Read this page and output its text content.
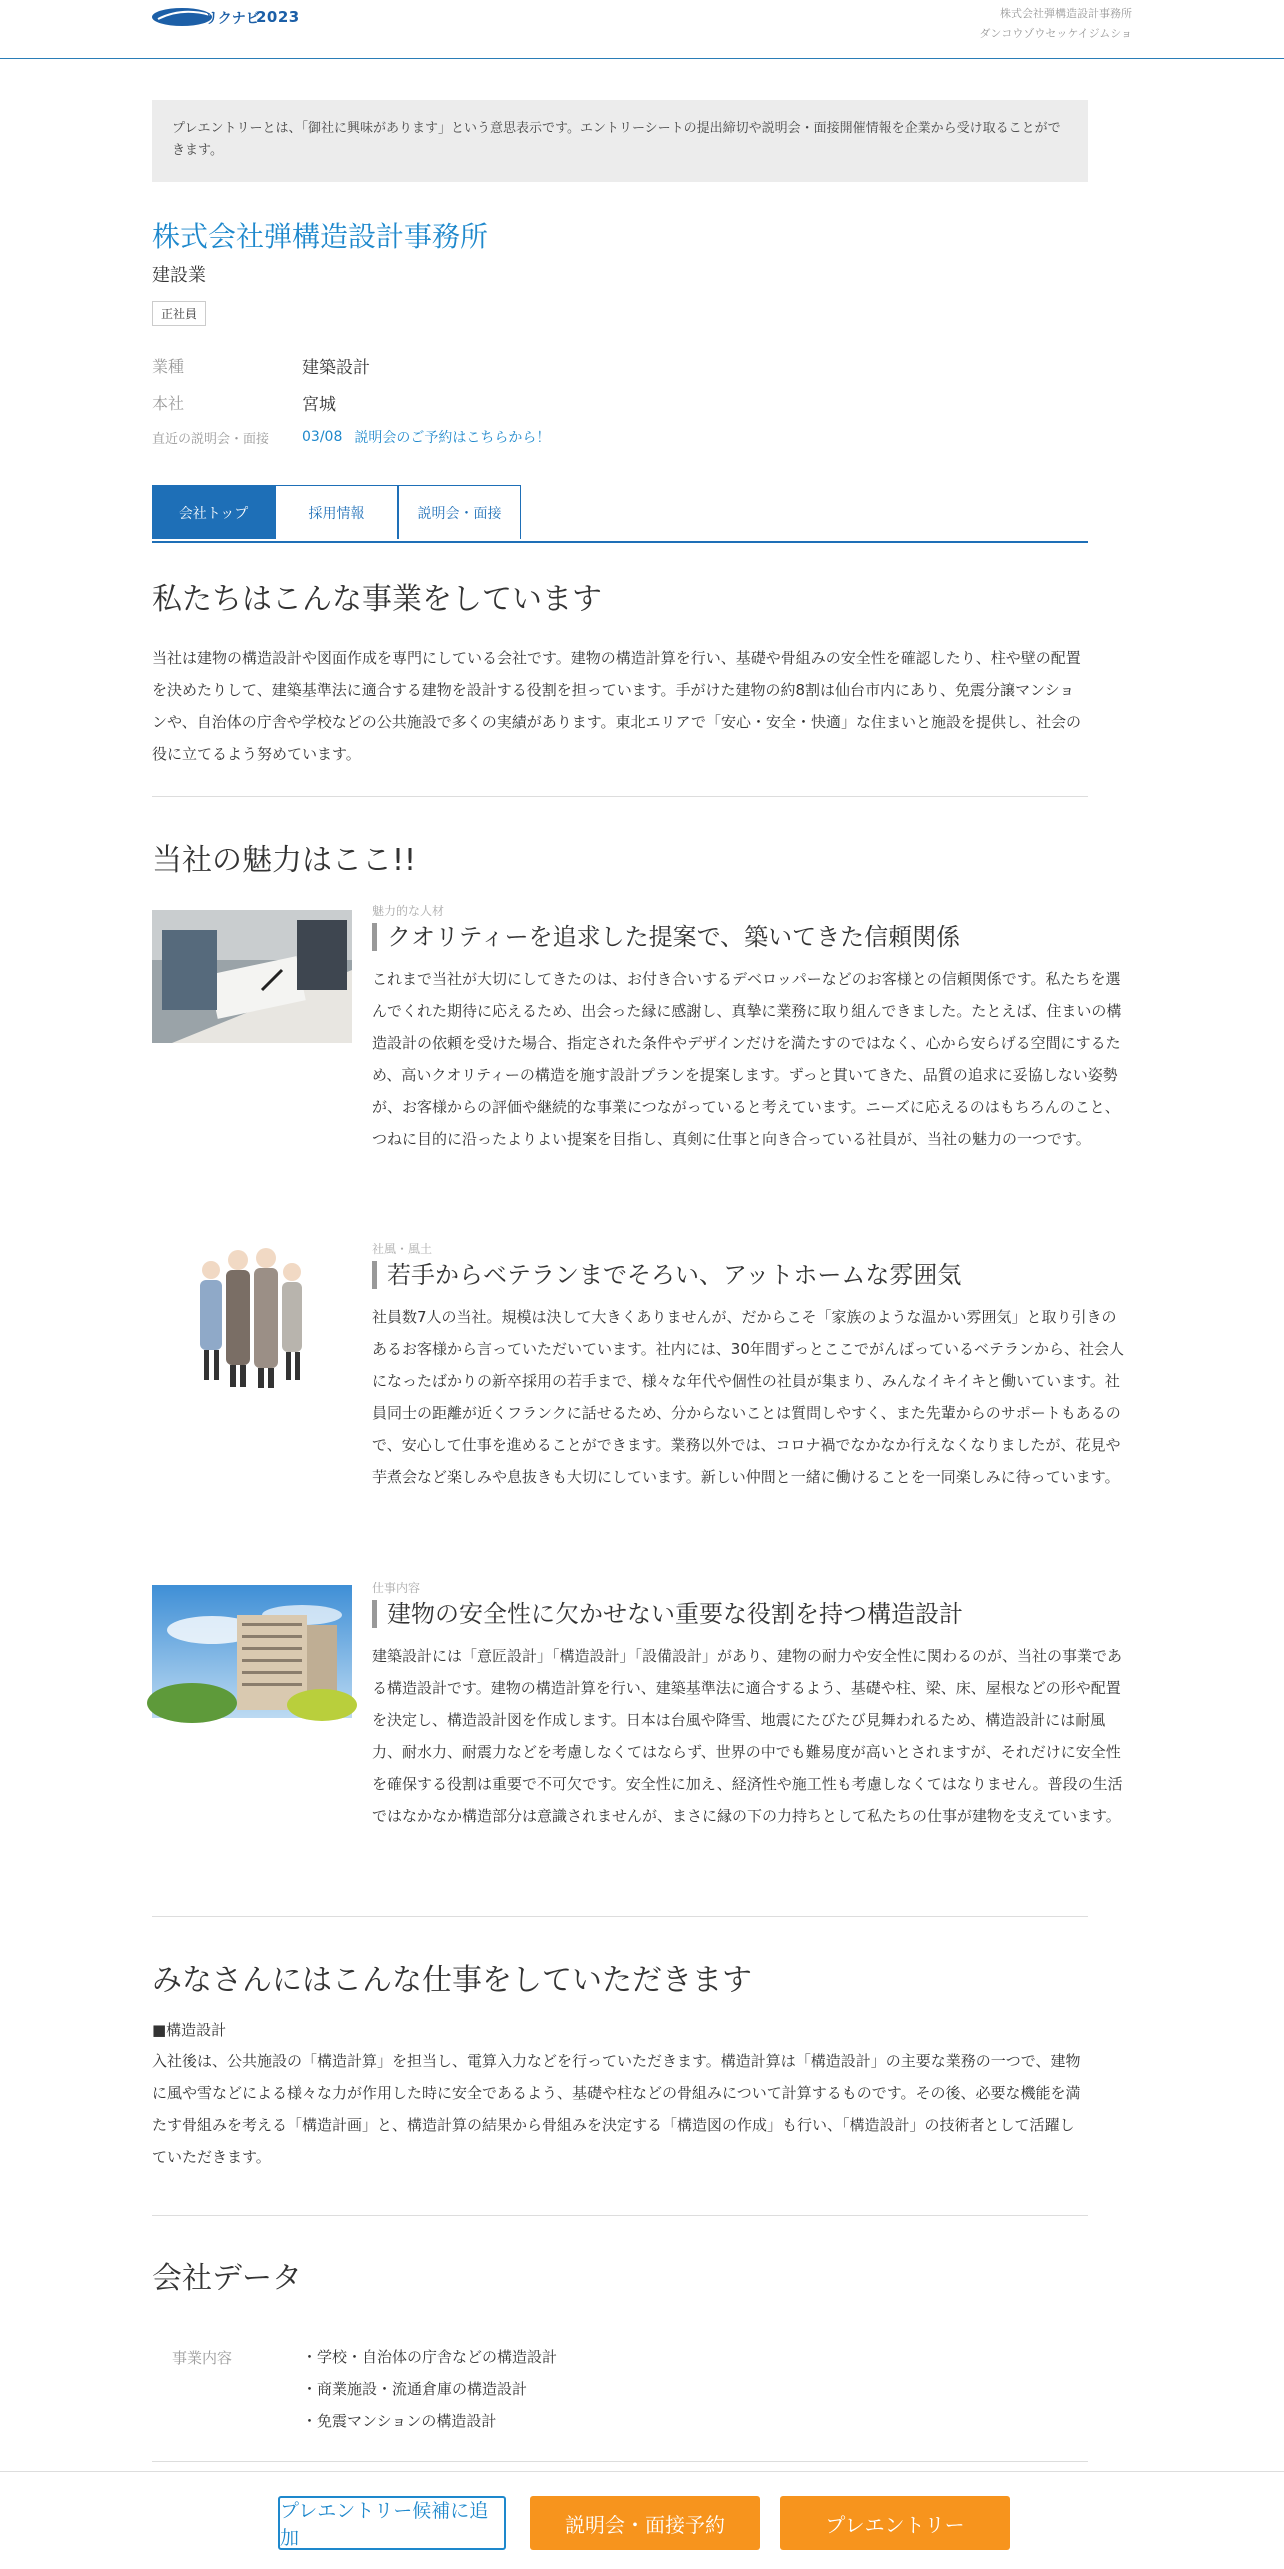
リクナビ
2023	株式会社弾構造設計事務所
ダンコウゾウセッケイジムショ
プレエントリーとは、「御社に興味があります」という意思表示です。エントリーシートの提出締切や説明会・面接開催情報を企業から受け取ることができます。
株式会社弾構造設計事務所
建設業
正社員
業種	建築設計
本社	宮城
直近の説明会・面接	03/08 説明会のご予約はこちらから！
会社トップ	採用情報	説明会・面接
私たちはこんな事業をしています
当社は建物の構造設計や図面作成を専門にしている会社です。建物の構造計算を行い、基礎や骨組みの安全性を確認したり、柱や壁の配置を決めたりして、建築基準法に適合する建物を設計する役割を担っています。手がけた建物の約8割は仙台市内にあり、免震分譲マンションや、自治体の庁舎や学校などの公共施設で多くの実績があります。東北エリアで「安心・安全・快適」な住まいと施設を提供し、社会の役に立てるよう努めています。
当社の魅力はここ!!
魅力的な人材
クオリティーを追求した提案で、築いてきた信頼関係
これまで当社が大切にしてきたのは、お付き合いするデベロッパーなどのお客様との信頼関係です。私たちを選んでくれた期待に応えるため、出会った縁に感謝し、真摯に業務に取り組んできました。たとえば、住まいの構造設計の依頼を受けた場合、指定された条件やデザインだけを満たすのではなく、心から安らげる空間にするため、高いクオリティーの構造を施す設計プランを提案します。ずっと貫いてきた、品質の追求に妥協しない姿勢が、お客様からの評価や継続的な事業につながっていると考えています。ニーズに応えるのはもちろんのこと、つねに目的に沿ったよりよい提案を目指し、真剣に仕事と向き合っている社員が、当社の魅力の一つです。
社風・風土
若手からベテランまでそろい、アットホームな雰囲気
社員数7人の当社。規模は決して大きくありませんが、だからこそ「家族のような温かい雰囲気」と取り引きのあるお客様から言っていただいています。社内には、30年間ずっとここでがんばっているベテランから、社会人になったばかりの新卒採用の若手まで、様々な年代や個性の社員が集まり、みんなイキイキと働いています。社員同士の距離が近くフランクに話せるため、分からないことは質問しやすく、また先輩からのサポートもあるので、安心して仕事を進めることができます。業務以外では、コロナ禍でなかなか行えなくなりましたが、花見や芋煮会など楽しみや息抜きも大切にしています。新しい仲間と一緒に働けることを一同楽しみに待っています。
仕事内容
建物の安全性に欠かせない重要な役割を持つ構造設計
建築設計には「意匠設計」「構造設計」「設備設計」があり、建物の耐力や安全性に関わるのが、当社の事業である構造設計です。建物の構造計算を行い、建築基準法に適合するよう、基礎や柱、梁、床、屋根などの形や配置を決定し、構造設計図を作成します。日本は台風や降雪、地震にたびたび見舞われるため、構造設計には耐風力、耐水力、耐震力などを考慮しなくてはならず、世界の中でも難易度が高いとされますが、それだけに安全性を確保する役割は重要で不可欠です。安全性に加え、経済性や施工性も考慮しなくてはなりません。普段の生活ではなかなか構造部分は意識されませんが、まさに縁の下の力持ちとして私たちの仕事が建物を支えています。
みなさんにはこんな仕事をしていただきます
■構造設計
入社後は、公共施設の「構造計算」を担当し、電算入力などを行っていただきます。構造計算は「構造設計」の主要な業務の一つで、建物に風や雪などによる様々な力が作用した時に安全であるよう、基礎や柱などの骨組みについて計算するものです。その後、必要な機能を満たす骨組みを考える「構造計画」と、構造計算の結果から骨組みを決定する「構造図の作成」も行い、「構造設計」の技術者として活躍していただきます。
会社データ
事業内容	・学校・自治体の庁舎などの構造設計
・商業施設・流通倉庫の構造設計
・免震マンションの構造設計
プレエントリー候補に追加
説明会・面接予約	プレエントリー
